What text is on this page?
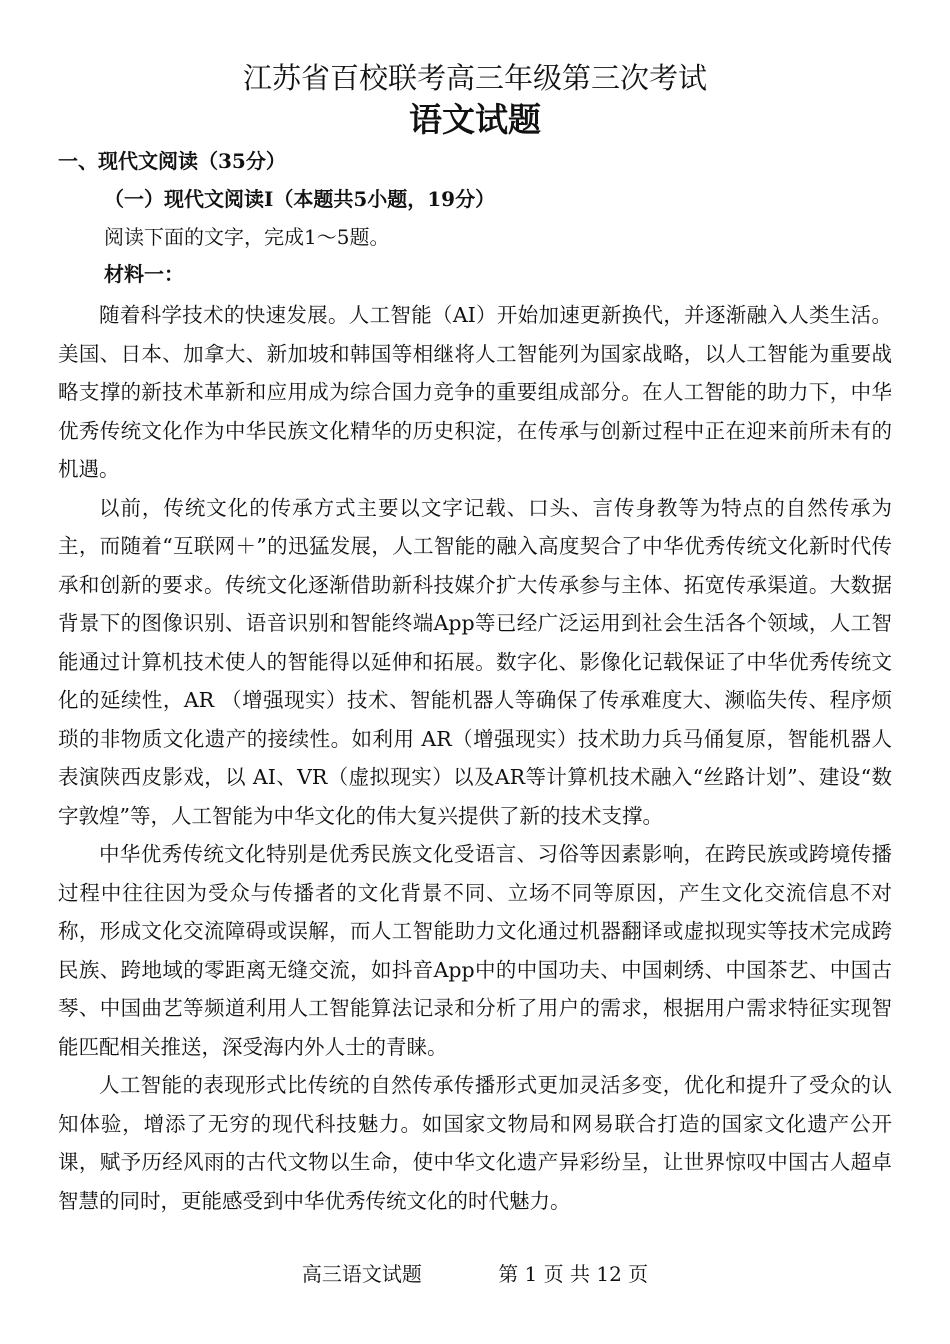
江苏省百校联考高三年级第三次考试
语文试题
一、现代文阅读（35分）
（一）现代文阅读I（本题共5小题，19分）
阅读下面的文字，完成1～5题。
材料一：

随着科学技术的快速发展。人工智能（AI）开始加速更新换代，并逐渐融入人类生活。美国、日本、加拿大、新加坡和韩国等相继将人工智能列为国家战略，以人工智能为重要战略支撑的新技术革新和应用成为综合国力竞争的重要组成部分。在人工智能的助力下，中华优秀传统文化作为中华民族文化精华的历史积淀，在传承与创新过程中正在迎来前所未有的机遇。

以前，传统文化的传承方式主要以文字记载、口头、言传身教等为特点的自然传承为主，而随着“互联网＋”的迅猛发展，人工智能的融入高度契合了中华优秀传统文化新时代传承和创新的要求。传统文化逐渐借助新科技媒介扩大传承参与主体、拓宽传承渠道。大数据背景下的图像识别、语音识别和智能终端App等已经广泛运用到社会生活各个领域，人工智能通过计算机技术使人的智能得以延伸和拓展。数字化、影像化记载保证了中华优秀传统文化的延续性，AR （增强现实）技术、智能机器人等确保了传承难度大、濒临失传、程序烦琐的非物质文化遗产的接续性。如利用 AR（增强现实）技术助力兵马俑复原，智能机器人表演陕西皮影戏，以 AI、VR（虚拟现实）以及AR等计算机技术融入“丝路计划”、建设“数字敦煌”等，人工智能为中华文化的伟大复兴提供了新的技术支撑。

中华优秀传统文化特别是优秀民族文化受语言、习俗等因素影响，在跨民族或跨境传播过程中往往因为受众与传播者的文化背景不同、立场不同等原因，产生文化交流信息不对称，形成文化交流障碍或误解，而人工智能助力文化通过机器翻译或虚拟现实等技术完成跨民族、跨地域的零距离无缝交流，如抖音App中的中国功夫、中国刺绣、中国茶艺、中国古琴、中国曲艺等频道利用人工智能算法记录和分析了用户的需求，根据用户需求特征实现智能匹配相关推送，深受海内外人士的青睐。

人工智能的表现形式比传统的自然传承传播形式更加灵活多变，优化和提升了受众的认知体验，增添了无穷的现代科技魅力。如国家文物局和网易联合打造的国家文化遗产公开课，赋予历经风雨的古代文物以生命，使中华文化遗产异彩纷呈，让世界惊叹中国古人超卓智慧的同时，更能感受到中华优秀传统文化的时代魅力。

高三语文试题	第 1 页 共 12 页
